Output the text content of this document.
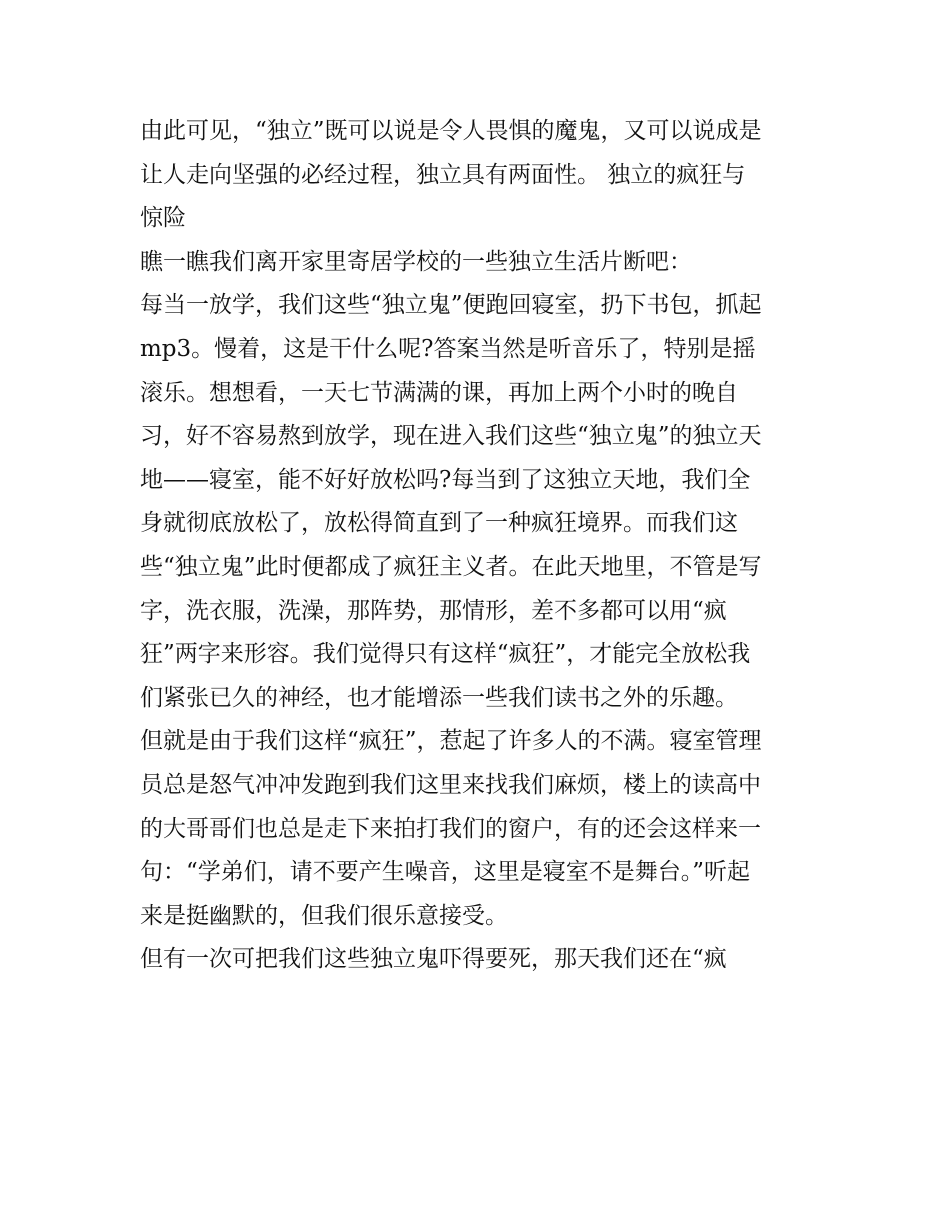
由此可见，“独立”既可以说是令人畏惧的魔鬼，又可以说成是
让人走向坚强的必经过程，独立具有两面性。 独立的疯狂与
惊险
瞧一瞧我们离开家里寄居学校的一些独立生活片断吧：
每当一放学，我们这些“独立鬼”便跑回寝室，扔下书包，抓起
mp3。慢着，这是干什么呢?答案当然是听音乐了，特别是摇
滚乐。想想看，一天七节满满的课，再加上两个小时的晚自
习，好不容易熬到放学，现在进入我们这些“独立鬼”的独立天
地——寝室，能不好好放松吗?每当到了这独立天地，我们全
身就彻底放松了，放松得简直到了一种疯狂境界。而我们这
些“独立鬼”此时便都成了疯狂主义者。在此天地里，不管是写
字，洗衣服，洗澡，那阵势，那情形，差不多都可以用“疯
狂”两字来形容。我们觉得只有这样“疯狂”，才能完全放松我
们紧张已久的神经，也才能增添一些我们读书之外的乐趣。
但就是由于我们这样“疯狂”，惹起了许多人的不满。寝室管理
员总是怒气冲冲发跑到我们这里来找我们麻烦，楼上的读高中
的大哥哥们也总是走下来拍打我们的窗户，有的还会这样来一
句：“学弟们，请不要产生噪音，这里是寝室不是舞台。”听起
来是挺幽默的，但我们很乐意接受。
但有一次可把我们这些独立鬼吓得要死，那天我们还在“疯
